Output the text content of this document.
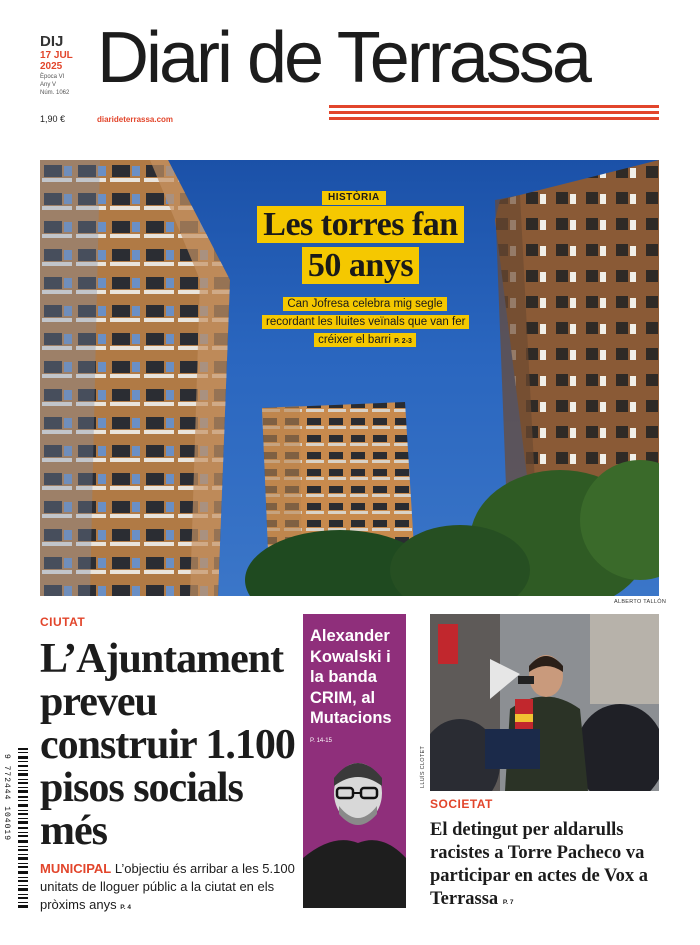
DIJ
17 JUL
2025
Època VI
Any V
Núm. 1062
1,90 €
Diari de Terrassa
diarideterrassa.com
HISTÒRIA
Les torres fan 50 anys
Can Jofresa celebra mig segle recordant les lluites veïnals que van fer créixer el barri P. 2-3
ALBERTO TALLÓN
CIUTAT
L’Ajuntament preveu construir 1.100 pisos socials més
MUNICIPAL L’objectiu és arribar a les 5.100 unitats de lloguer públic a la ciutat en els pròxims anys P. 4
9 772444 104019
Alexander Kowalski i la banda CRIM, al Mutacions
P. 14-15
LLUÍS CLOTET
SOCIETAT
El detingut per aldarulls racistes a Torre Pacheco va participar en actes de Vox a Terrassa P. 7
